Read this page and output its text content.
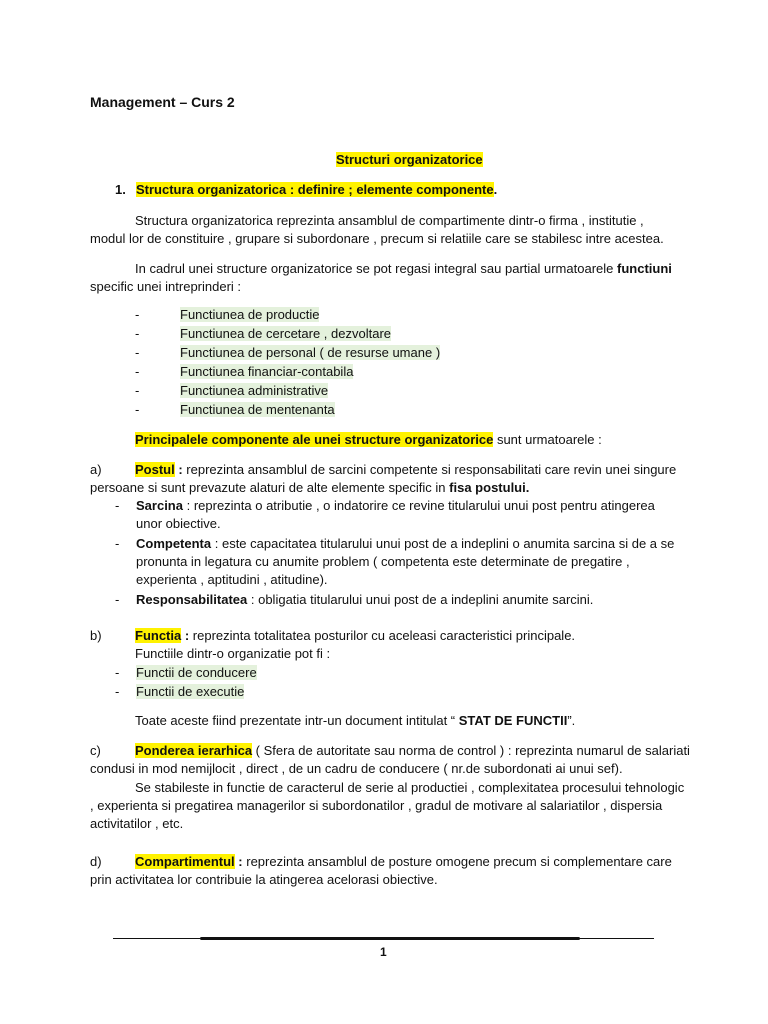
Management – Curs 2
Structuri organizatorice
1. Structura organizatorica : definire ; elemente componente.
Structura organizatorica reprezinta ansamblul de compartimente dintr-o firma , institutie ,
modul lor de constituire , grupare si subordonare , precum si relatiile care se stabilesc intre acestea.
In cadrul unei structure organizatorice se pot regasi integral sau partial urmatoarele functiuni
specific unei intreprinderi :
-	Functiunea de productie
-	Functiunea de cercetare , dezvoltare
-	Functiunea de personal ( de resurse umane )
-	Functiunea financiar-contabila
-	Functiunea administrative
-	Functiunea de mentenanta
Principalele componente ale unei structure organizatorice sunt urmatoarele :
a)	Postul : reprezinta ansamblul de sarcini competente si responsabilitati care revin unei singure
persoane si sunt prevazute alaturi de alte elemente specific in fisa postului.
- Sarcina : reprezinta o atributie , o indatorire ce revine titularului unui post pentru atingerea
unor obiective.
- Competenta : este capacitatea titularului unui post de a indeplini o anumita sarcina si de a se
pronunta in legatura cu anumite problem ( competenta este determinate de pregatire ,
experienta , aptitudini , atitudine).
- Responsabilitatea : obligatia titularului unui post de a indeplini anumite sarcini.
b)	Functia : reprezinta totalitatea posturilor cu aceleasi caracteristici principale.
Functiile dintr-o organizatie pot fi :
- Functii de conducere
- Functii de executie
Toate aceste fiind prezentate intr-un document intitulat “ STAT DE FUNCTII”.
c)	Ponderea ierarhica ( Sfera de autoritate sau norma de control ) : reprezinta numarul de salariati
condusi in mod nemijlocit , direct , de un cadru de conducere ( nr.de subordonati ai unui sef).
Se stabileste in functie de caracterul de serie al productiei , complexitatea procesului tehnologic
, experienta si pregatirea managerilor si subordonatilor , gradul de motivare al salariatilor , dispersia
activitatilor , etc.
d)	Compartimentul : reprezinta ansamblul de posture omogene precum si complementare care
prin activitatea lor contribuie la atingerea acelorasi obiective.
1
